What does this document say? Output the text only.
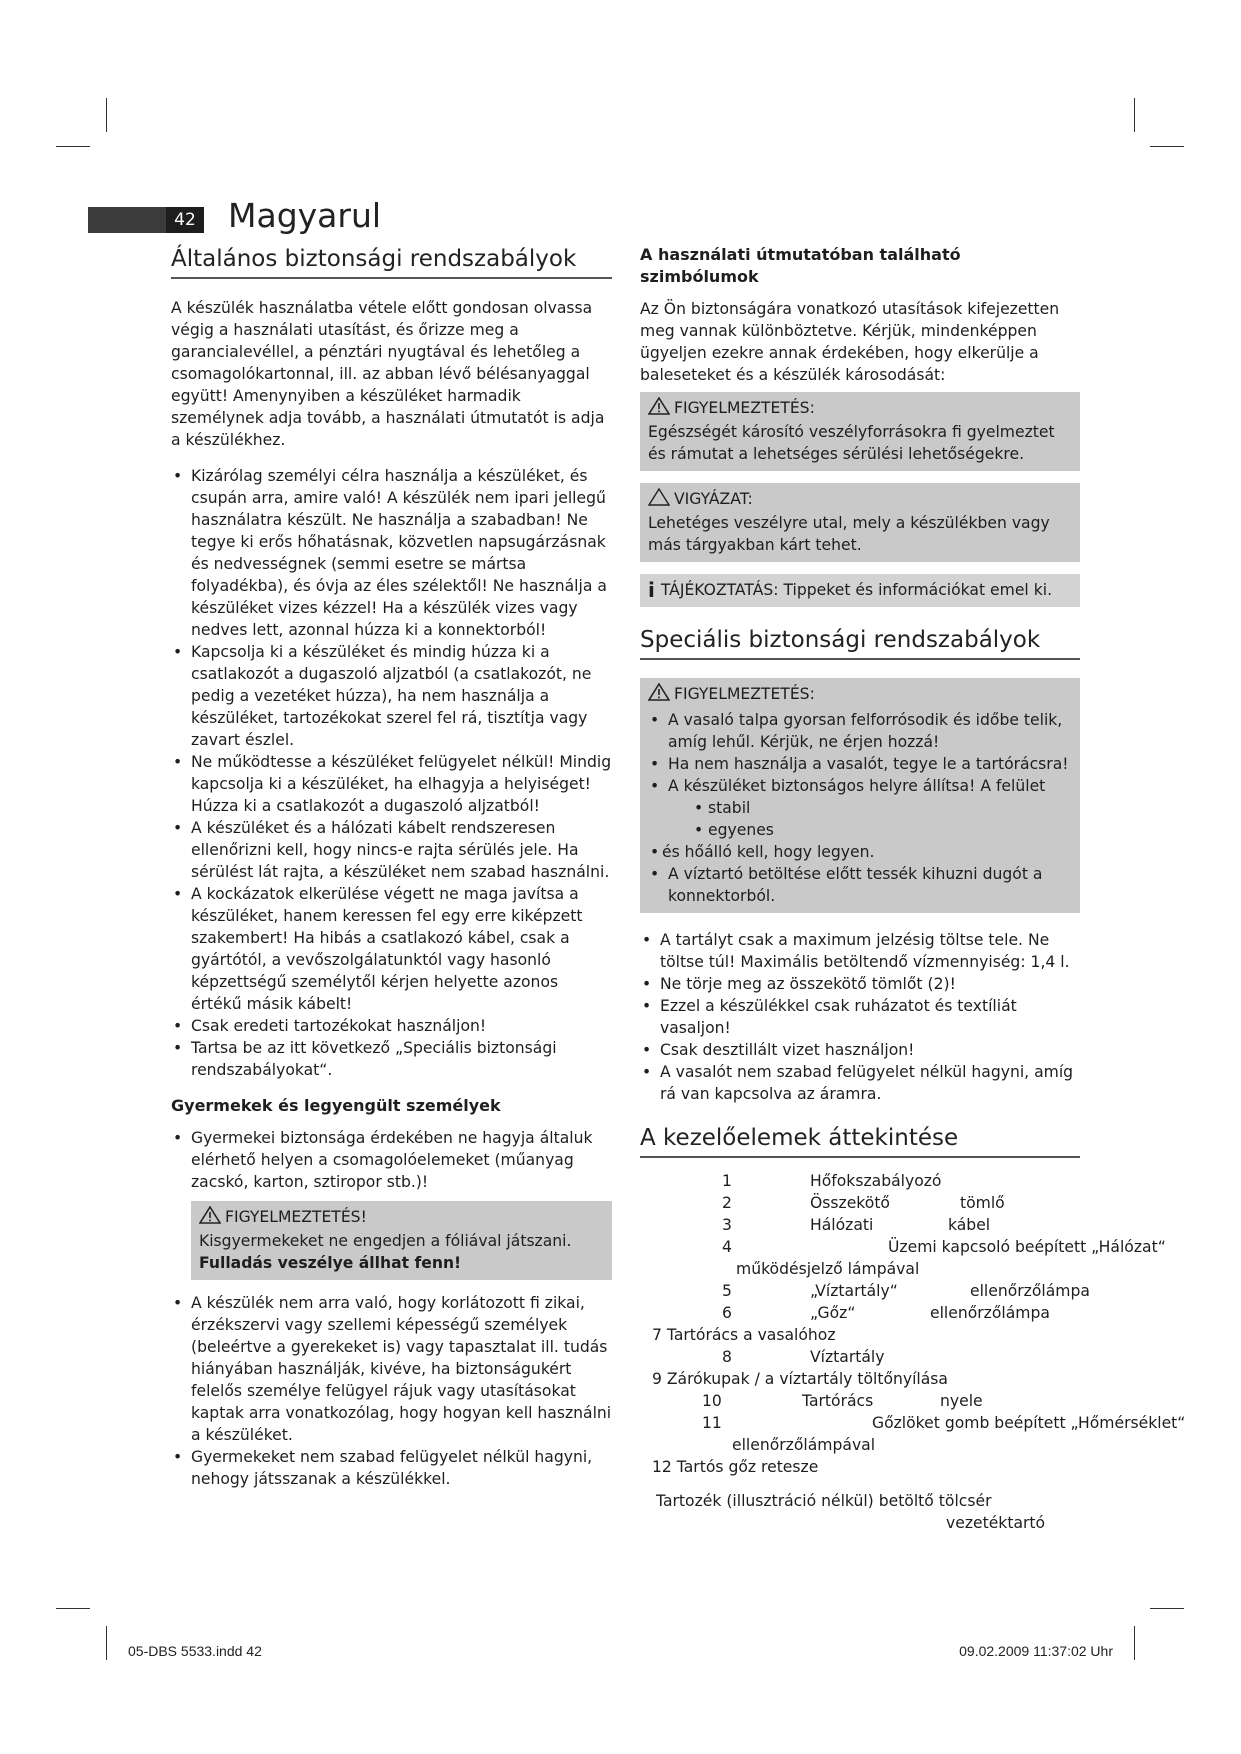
42 Magyarul
Általános biztonsági rendszabályok

A készülék használatba vétele előtt gondosan olvassa végig a használati utasítást, és őrizze meg a garancialevéllel, a pénztári nyugtával és lehetőleg a csomagolókartonnal, ill. az abban lévő bélésanyaggal együtt! Amenynyiben a készüléket harmadik személynek adja tovább, a használati útmutatót is adja a készülékhez.

• Kizárólag személyi célra használja a készüléket, és csupán arra, amire való! A készülék nem ipari jellegű használatra készült. Ne használja a szabadban! Ne tegye ki erős hőhatásnak, közvetlen napsugárzásnak és nedvességnek (semmi esetre se mártsa folyadékba), és óvja az éles szélektől! Ne használja a készüléket vizes kézzel! Ha a készülék vizes vagy nedves lett, azonnal húzza ki a konnektorból!
• Kapcsolja ki a készüléket és mindig húzza ki a csatlakozót a dugaszoló aljzatból (a csatlakozót, ne pedig a vezetéket húzza), ha nem használja a készüléket, tartozékokat szerel fel rá, tisztítja vagy zavart észlel.
• Ne működtesse a készüléket felügyelet nélkül! Mindig kapcsolja ki a készüléket, ha elhagyja a helyiséget! Húzza ki a csatlakozót a dugaszoló aljzatból!
• A készüléket és a hálózati kábelt rendszeresen ellenőrizni kell, hogy nincs-e rajta sérülés jele. Ha sérülést lát rajta, a készüléket nem szabad használni.
• A kockázatok elkerülése végett ne maga javítsa a készüléket, hanem keressen fel egy erre kiképzett szakembert! Ha hibás a csatlakozó kábel, csak a gyártótól, a vevőszolgálatunktól vagy hasonló képzettségű személytől kérjen helyette azonos értékű másik kábelt!
• Csak eredeti tartozékokat használjon!
• Tartsa be az itt következő „Speciális biztonsági rendszabályokat“.
Gyermekek és legyengült személyek
• Gyermekei biztonsága érdekében ne hagyja általuk elérhető helyen a csomagolóelemeket (műanyag zacskó, karton, sztiropor stb.)!
FIGYELMEZTETÉS!
Kisgyermekeket ne engedjen a fóliával játszani.
Fulladás veszélye állhat fenn!
• A készülék nem arra való, hogy korlátozott fi zikai, érzékszervi vagy szellemi képességű személyek (beleértve a gyerekeket is) vagy tapasztalat ill. tudás hiányában használják, kivéve, ha biztonságukért felelős személye felügyel rájuk vagy utasításokat kaptak arra vonatkozólag, hogy hogyan kell használni a készüléket.
• Gyermekeket nem szabad felügyelet nélkül hagyni, nehogy játsszanak a készülékkel.
A használati útmutatóban található szimbólumok

Az Ön biztonságára vonatkozó utasítások kifejezetten meg vannak különböztetve. Kérjük, mindenképpen ügyeljen ezekre annak érdekében, hogy elkerülje a baleseteket és a készülék károsodását:

FIGYELMEZTETÉS:
Egészségét károsító veszélyforrásokra fi gyelmeztet és rámutat a lehetséges sérülési lehetőségekre.
VIGYÁZAT:
Lehetéges veszélyre utal, mely a készülékben vagy más tárgyakban kárt tehet.
i TÁJÉKOZTATÁS: Tippeket és információkat emel ki.
Speciális biztonsági rendszabályok
FIGYELMEZTETÉS:
• A vasaló talpa gyorsan felforrósodik és időbe telik, amíg lehűl. Kérjük, ne érjen hozzá!
• Ha nem használja a vasalót, tegye le a tartórácsra!
• A készüléket biztonságos helyre állítsa! A felület
• stabil
• egyenes
• és hőálló kell, hogy legyen.
• A víztartó betöltése előtt tessék kihuzni dugót a konnektorból.
• A tartályt csak a maximum jelzésig töltse tele. Ne töltse túl! Maximális betöltendő vízmennyiség: 1,4 l.
• Ne törje meg az összekötő tömlőt (2)!
• Ezzel a készülékkel csak ruházatot és textíliát vasaljon!
• Csak desztillált vizet használjon!
• A vasalót nem szabad felügyelet nélkül hagyni, amíg rá van kapcsolva az áramra.
A kezelőelemek áttekintése
1	Hőfokszabályozó
2	Összekötő	tömlő
3	Hálózati	kábel
4	Üzemi kapcsoló beépített „Hálózat“
működésjelző lámpával
5	„Víztartály“	ellenőrzőlámpa
6	„Gőz“	ellenőrzőlámpa
7 Tartórács a vasalóhoz
8	Víztartály
9 Zárókupak / a víztartály töltőnyílása
10	Tartórács	nyele
11	Gőzlöket gomb beépített „Hőmérséklet“
ellenőrzőlámpával
12 Tartós gőz retesze
Tartozék (illusztráció nélkül) betöltő tölcsér
vezetéktartó
05-DBS 5533.indd 42	09.02.2009 11:37:02 Uhr
